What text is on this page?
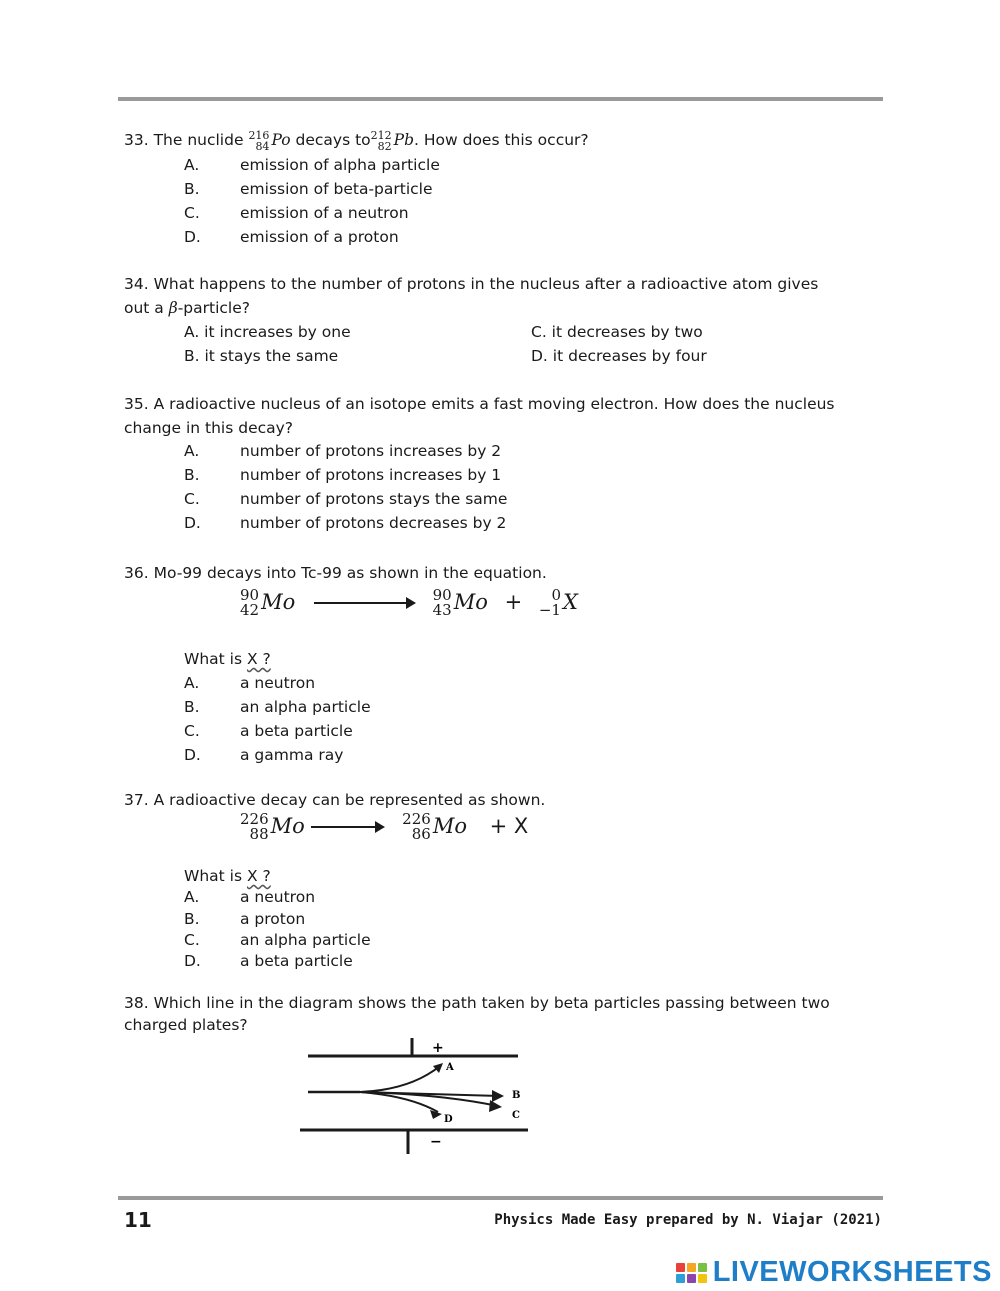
33. The nuclide 216
84 Po decays to 212
82 Pb. How does this occur?
A.	emission of alpha particle
B.	emission of beta-particle
C.	emission of a neutron
D.	emission of a proton
34. What happens to the number of protons in the nucleus after a radioactive atom gives
out a β-particle?
A. it increases by one
B. it stays the same
C. it decreases by two
D. it decreases by four
35. A radioactive nucleus of an isotope emits a fast moving electron. How does the nucleus
change in this decay?
A.	number of protons increases by 2
B.	number of protons increases by 1
C.	number of protons stays the same
D.	number of protons decreases by 2
36. Mo-99 decays into Tc-99 as shown in the equation.
90
42 Mo	90
43 Mo +	0
−1 X
What is X ?
A.	a neutron
B.	an alpha particle
C.	a beta particle
D.	a gamma ray
37. A radioactive decay can be represented as shown.
226
88 Mo	226
86 Mo + X
What is X ?
A.	a neutron
B.	a proton
C.	an alpha particle
D.	a beta particle
38. Which line in the diagram shows the path taken by beta particles passing between two
charged plates?
+
−
A
B
C
D
11	Physics Made Easy prepared by N. Viajar (2021)
LIVEWORKSHEETS
